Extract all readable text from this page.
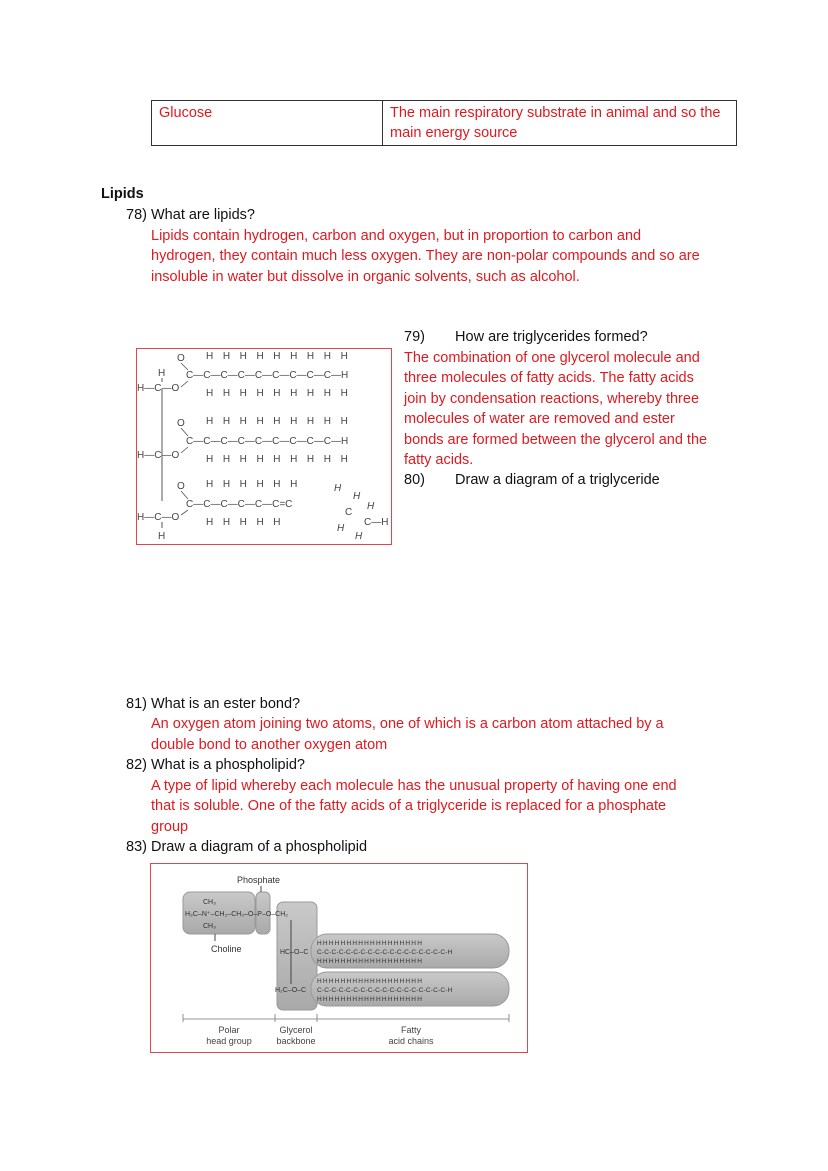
Glucose	The main respiratory substrate in animal and so the main energy source
Lipids
78) What are lipids?
Lipids contain hydrogen, carbon and oxygen, but in proportion to carbon and
hydrogen, they contain much less oxygen. They are non-polar compounds and so are
insoluble in water but dissolve in organic solvents, such as alcohol.
H
H—C—O
H—C—O
H—C—O
H
O
C—C—C—C—C—C—C—C—C—H
HHHHHHHHH
HHHHHHHHH
O
C—C—C—C—C—C—C—C—C—H
HHHHHHHHH
HHHHHHHHH
O
C—C—C—C—C—C=C
HHHHHH
HHHHH
H
C
H
H
C—H
H
H
79) How are triglycerides formed?
The combination of one glycerol molecule and
three molecules of fatty acids. The fatty acids
join by condensation reactions, whereby three
molecules of water are removed and ester
bonds are formed between the glycerol and the
fatty acids.
80) Draw a diagram of a triglyceride
81) What is an ester bond?
An oxygen atom joining two atoms, one of which is a carbon atom attached by a
double bond to another oxygen atom
82) What is a phospholipid?
A type of lipid whereby each molecule has the unusual property of having one end
that is soluble. One of the fatty acids of a triglyceride is replaced for a phosphate
group
83) Draw a diagram of a phospholipid
Phosphate
CH₃
H₃C–N⁺–CH₂–CH₂–O–P–O–CH₂
CH₃
Choline	HC–O–C
H₂C–O–C
HHHHHHHHHHHHHHHHHH
C-C-C-C-C-C-C-C-C-C-C-C-C-C-C-C-C-C-H
HHHHHHHHHHHHHHHHHH
HHHHHHHHHHHHHHHHHH
C-C-C-C-C-C-C-C-C-C-C-C-C-C-C-C-C-C-H
HHHHHHHHHHHHHHHHHH
Polar
head group
Glycerol
backbone
Fatty
acid chains
